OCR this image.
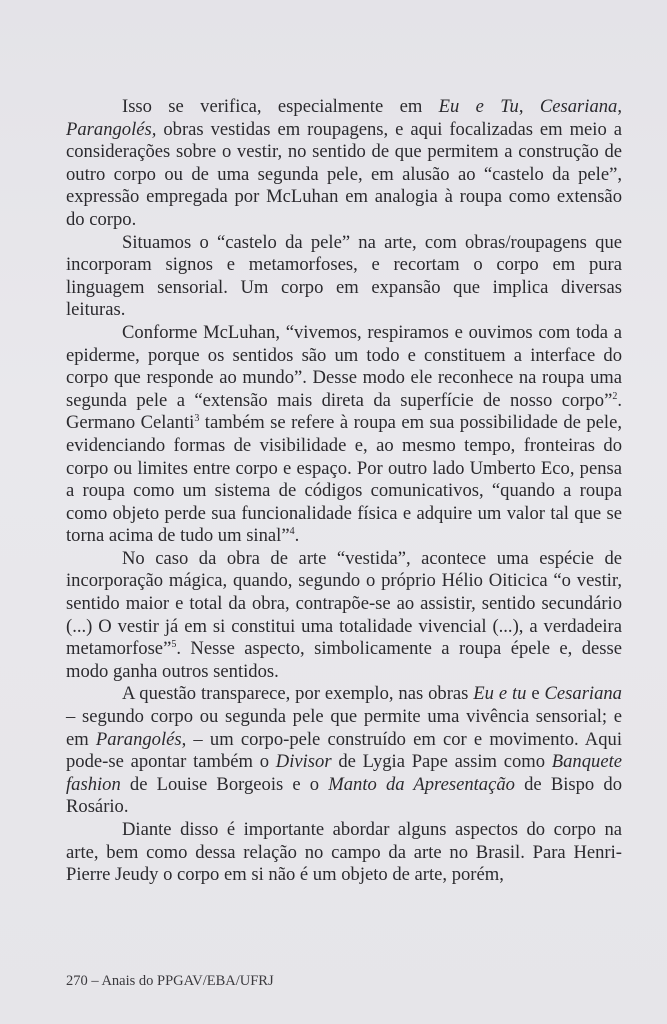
Isso se verifica, especialmente em Eu e Tu, Cesariana, Parangolés, obras vestidas em roupagens, e aqui focalizadas em meio a considerações sobre o vestir, no sentido de que permitem a construção de outro corpo ou de uma segunda pele, em alusão ao “castelo da pele”, expressão empregada por McLuhan em analogia à roupa como extensão do corpo.

Situamos o “castelo da pele” na arte, com obras/roupagens que incorporam signos e metamorfoses, e recortam o corpo em pura linguagem sensorial. Um corpo em expansão que implica diversas leituras.

Conforme McLuhan, “vivemos, respiramos e ouvimos com toda a epiderme, porque os sentidos são um todo e constituem a interface do corpo que responde ao mundo”. Desse modo ele reconhece na roupa uma segunda pele a “extensão mais direta da superfície de nosso corpo”$^2$. Germano Celanti$^3$ também se refere à roupa em sua possibilidade de pele, evidenciando formas de visibilidade e, ao mesmo tempo, fronteiras do corpo ou limites entre corpo e espaço. Por outro lado Umberto Eco, pensa a roupa como um sistema de códigos comunicativos, “quando a roupa como objeto perde sua funcionalidade física e adquire um valor tal que se torna acima de tudo um sinal”$^4$.

No caso da obra de arte “vestida”, acontece uma espécie de incorporação mágica, quando, segundo o próprio Hélio Oiticica “o vestir, sentido maior e total da obra, contrapõe-se ao assistir, sentido secundário (...) O vestir já em si constitui uma totalidade vivencial (...), a verdadeira metamorfose”$^5$. Nesse aspecto, simbolicamente a roupa épele e, desse modo ganha outros sentidos.

A questão transparece, por exemplo, nas obras Eu e tu e Cesariana – segundo corpo ou segunda pele que permite uma vivência sensorial; e em Parangolés, – um corpo-pele construído em cor e movimento. Aqui pode-se apontar também o Divisor de Lygia Pape assim como Banquete fashion de Louise Borgeois e o Manto da Apresentação de Bispo do Rosário.

Diante disso é importante abordar alguns aspectos do corpo na arte, bem como dessa relação no campo da arte no Brasil. Para Henri-Pierre Jeudy o corpo em si não é um objeto de arte, porém,

270 – Anais do PPGAV/EBA/UFRJ
